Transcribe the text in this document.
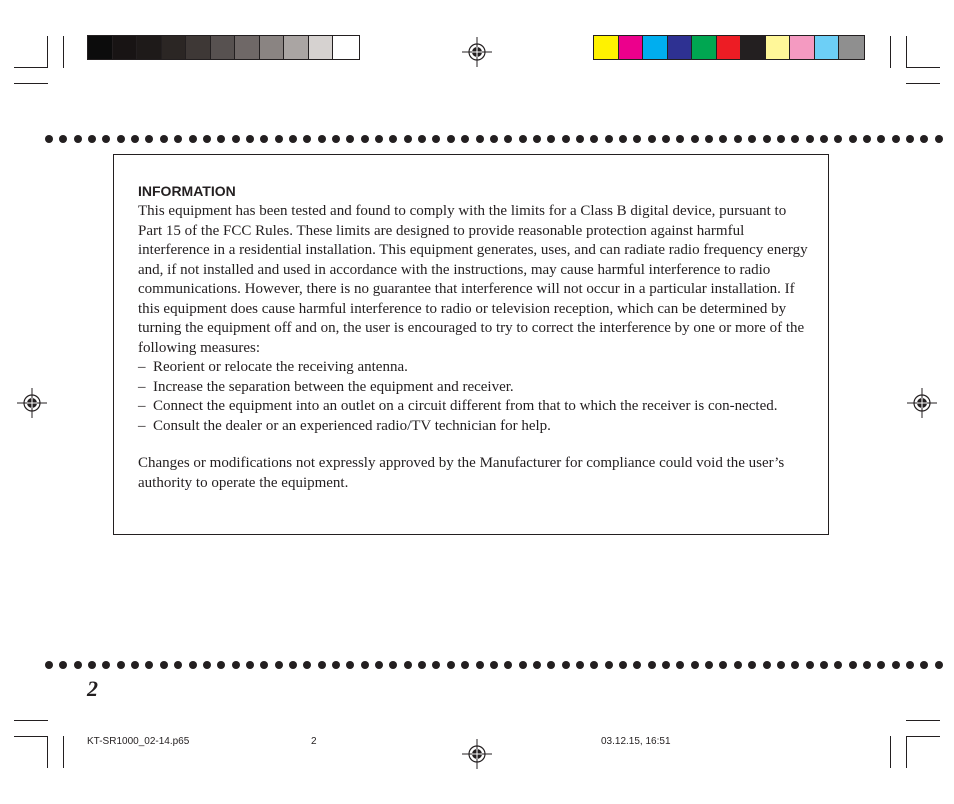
INFORMATION

This equipment has been tested and found to comply with the limits for a Class B digital device, pursuant to Part 15 of the FCC Rules. These limits are designed to provide reasonable protection against harmful interference in a residential installation. This equipment generates, uses, and can radiate radio frequency energy and, if not installed and used in accordance with the instructions, may cause harmful interference to radio communications. However, there is no guarantee that interference will not occur in a particular installation. If this equipment does cause harmful interference to radio or television reception, which can be determined by turning the equipment off and on, the user is encouraged to try to correct the interference by one or more of the following measures:

– Reorient or relocate the receiving antenna.
– Increase the separation between the equipment and receiver.
– Connect the equipment into an outlet on a circuit different from that to which the receiver is con-nected.
– Consult the dealer or an experienced radio/TV technician for help.

Changes or modifications not expressly approved by the Manufacturer for compliance could void the user’s authority to operate the equipment.

2
KT-SR1000_02-14.p65	2	03.12.15, 16:51
